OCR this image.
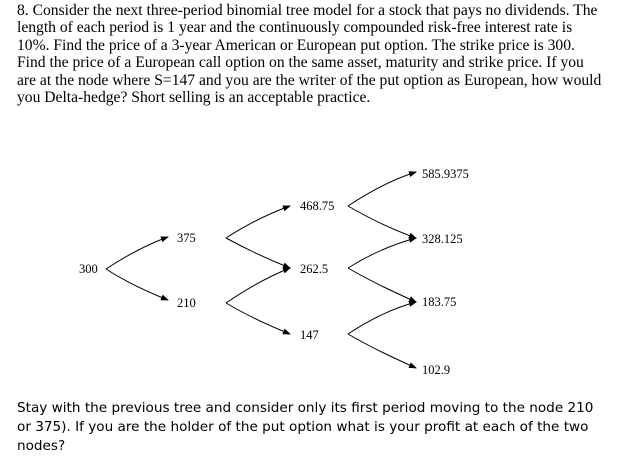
8. Consider the next three-period binomial tree model for a stock that pays no dividends. The
length of each period is 1 year and the continuously compounded risk-free interest rate is
10%. Find the price of a 3-year American or European put option. The strike price is 300.
Find the price of a European call option on the same asset, maturity and strike price. If you
are at the node where S=147 and you are the writer of the put option as European, how would
you Delta-hedge? Short selling is an acceptable practice.
300
375
210
468.75
262.5
147
585.9375
328.125
183.75
102.9
Stay with the previous tree and consider only its first period moving to the node 210
or 375). If you are the holder of the put option what is your profit at each of the two
nodes?
